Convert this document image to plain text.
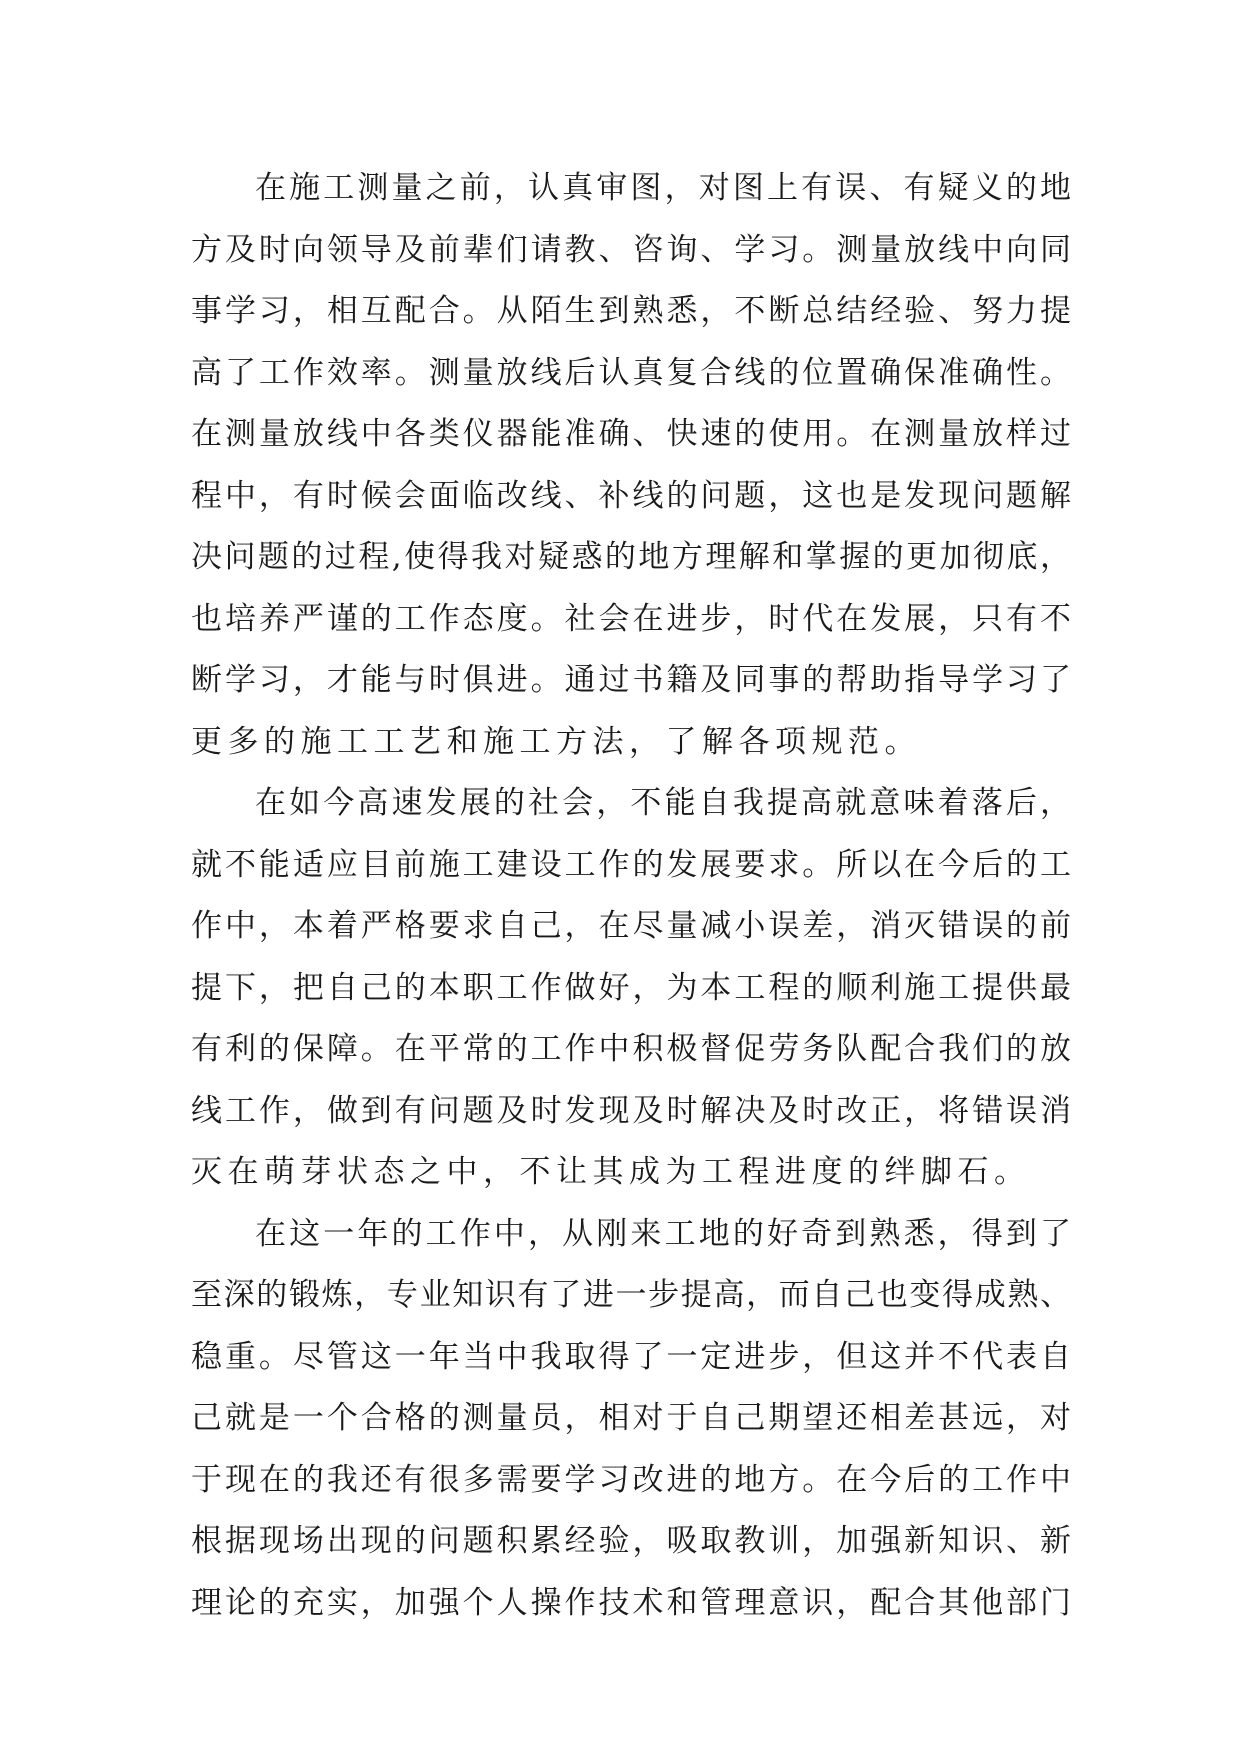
在施工测量之前，认真审图，对图上有误、有疑义的地
方及时向领导及前辈们请教、咨询、学习。测量放线中向同
事学习，相互配合。从陌生到熟悉，不断总结经验、努力提
高了工作效率。测量放线后认真复合线的位置确保准确性。
在测量放线中各类仪器能准确、快速的使用。在测量放样过
程中，有时候会面临改线、补线的问题，这也是发现问题解
决问题的过程,使得我对疑惑的地方理解和掌握的更加彻底，
也培养严谨的工作态度。社会在进步，时代在发展，只有不
断学习，才能与时俱进。通过书籍及同事的帮助指导学习了
更多的施工工艺和施工方法，了解各项规范。
在如今高速发展的社会，不能自我提高就意味着落后，
就不能适应目前施工建设工作的发展要求。所以在今后的工
作中，本着严格要求自己，在尽量减小误差，消灭错误的前
提下，把自己的本职工作做好，为本工程的顺利施工提供最
有利的保障。在平常的工作中积极督促劳务队配合我们的放
线工作，做到有问题及时发现及时解决及时改正，将错误消
灭在萌芽状态之中，不让其成为工程进度的绊脚石。
在这一年的工作中，从刚来工地的好奇到熟悉，得到了
至深的锻炼，专业知识有了进一步提高，而自己也变得成熟、
稳重。尽管这一年当中我取得了一定进步，但这并不代表自
己就是一个合格的测量员，相对于自己期望还相差甚远，对
于现在的我还有很多需要学习改进的地方。在今后的工作中
根据现场出现的问题积累经验，吸取教训，加强新知识、新
理论的充实，加强个人操作技术和管理意识，配合其他部门
